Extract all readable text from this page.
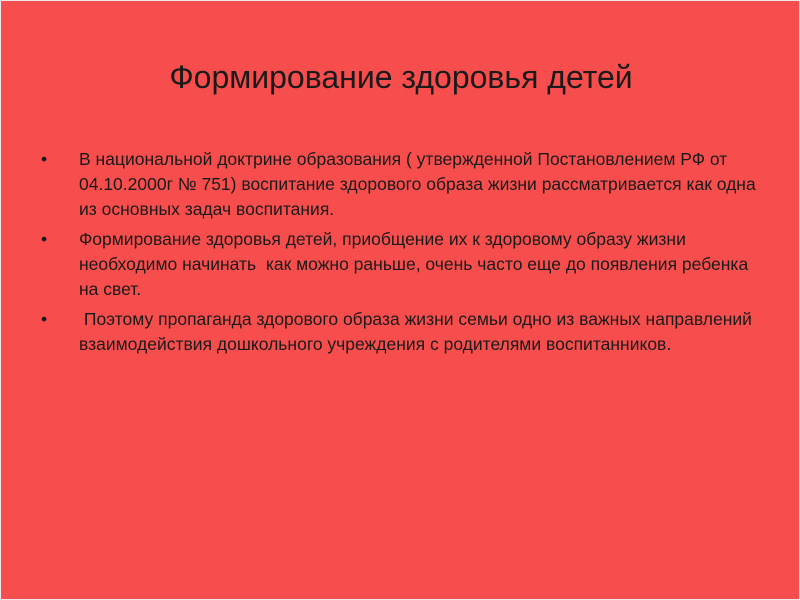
Формирование здоровья детей
• В национальной доктрине образования ( утвержденной Постановлением РФ от 04.10.2000г № 751) воспитание здорового образа жизни рассматривается как одна из основных задач воспитания.
• Формирование здоровья детей, приобщение их к здоровому образу жизни необходимо начинать  как можно раньше, очень часто еще до появления ребенка на свет.
• Поэтому пропаганда здорового образа жизни семьи одно из важных направлений взаимодействия дошкольного учреждения с родителями воспитанников.
